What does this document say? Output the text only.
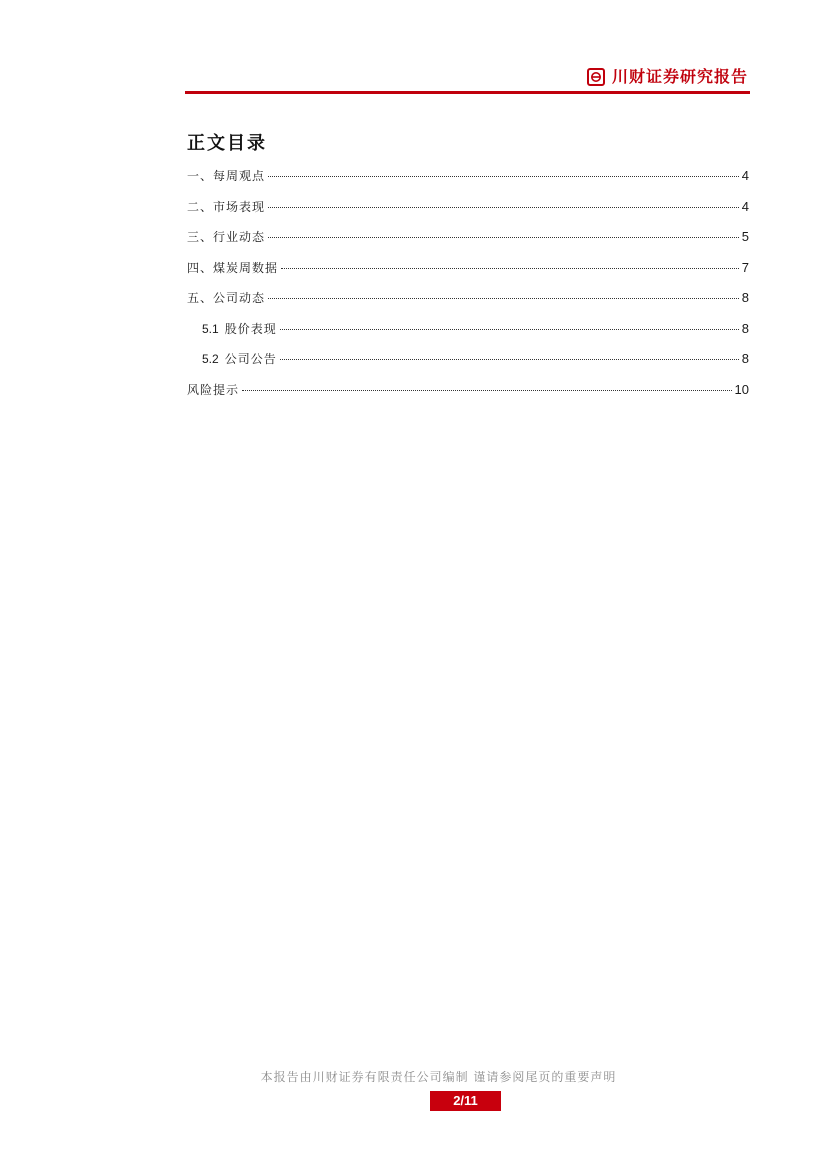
川财证券研究报告
正文目录
一、每周观点	4
二、市场表现	4
三、行业动态	5
四、煤炭周数据	7
五、公司动态	8
5.1 股价表现	8
5.2 公司公告	8
风险提示	10
本报告由川财证券有限责任公司编制 谨请参阅尾页的重要声明
2/11
